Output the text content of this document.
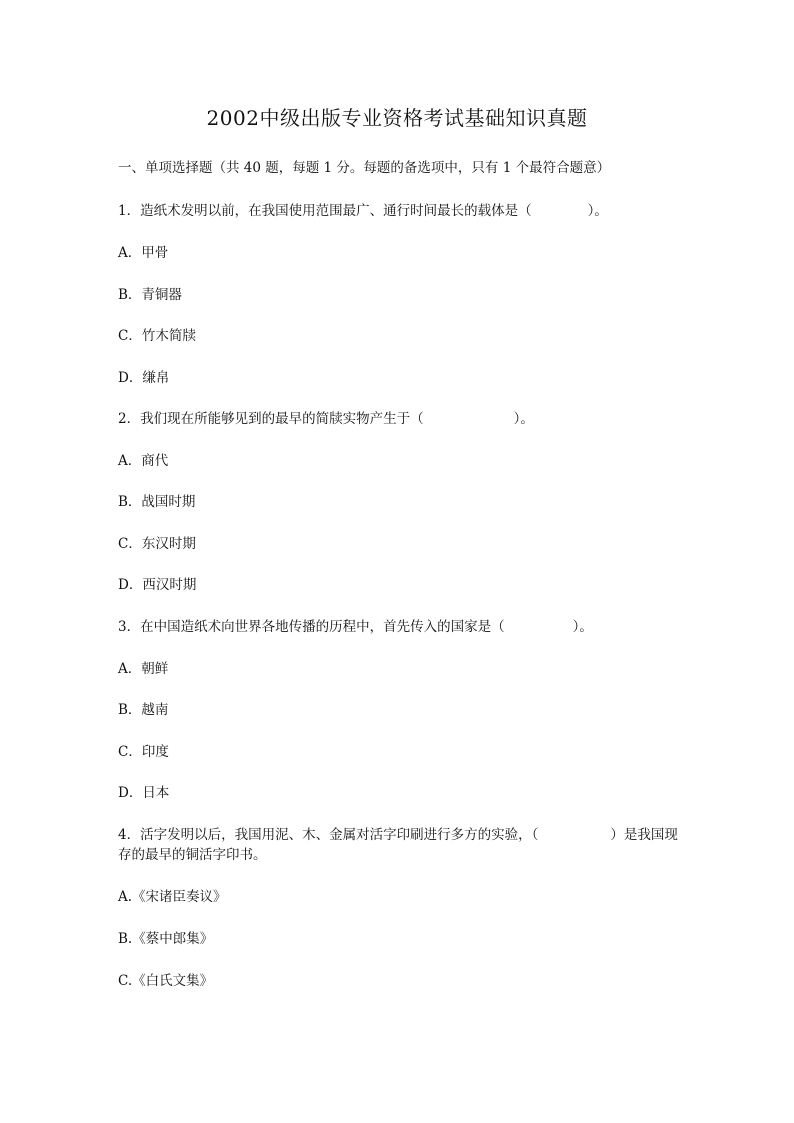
2002中级出版专业资格考试基础知识真题
一、单项选择题（共 40 题，每题 1 分。每题的备选项中，只有 1 个最符合题意）
1．造纸术发明以前，在我国使用范围最广、通行时间最长的载体是（	）。
A．甲骨
B．青铜器
C．竹木简牍
D．缣帛
2．我们现在所能够见到的最早的简牍实物产生于（	）。
A．商代
B．战国时期
C．东汉时期
D．西汉时期
3．在中国造纸术向世界各地传播的历程中，首先传入的国家是（	）。
A．朝鲜
B．越南
C．印度
D．日本
4．活字发明以后，我国用泥、木、金属对活字印刷进行多方的实验，（	）是我国现存的最早的铜活字印书。
A.《宋诸臣奏议》
B.《蔡中郎集》
C.《白氏文集》
